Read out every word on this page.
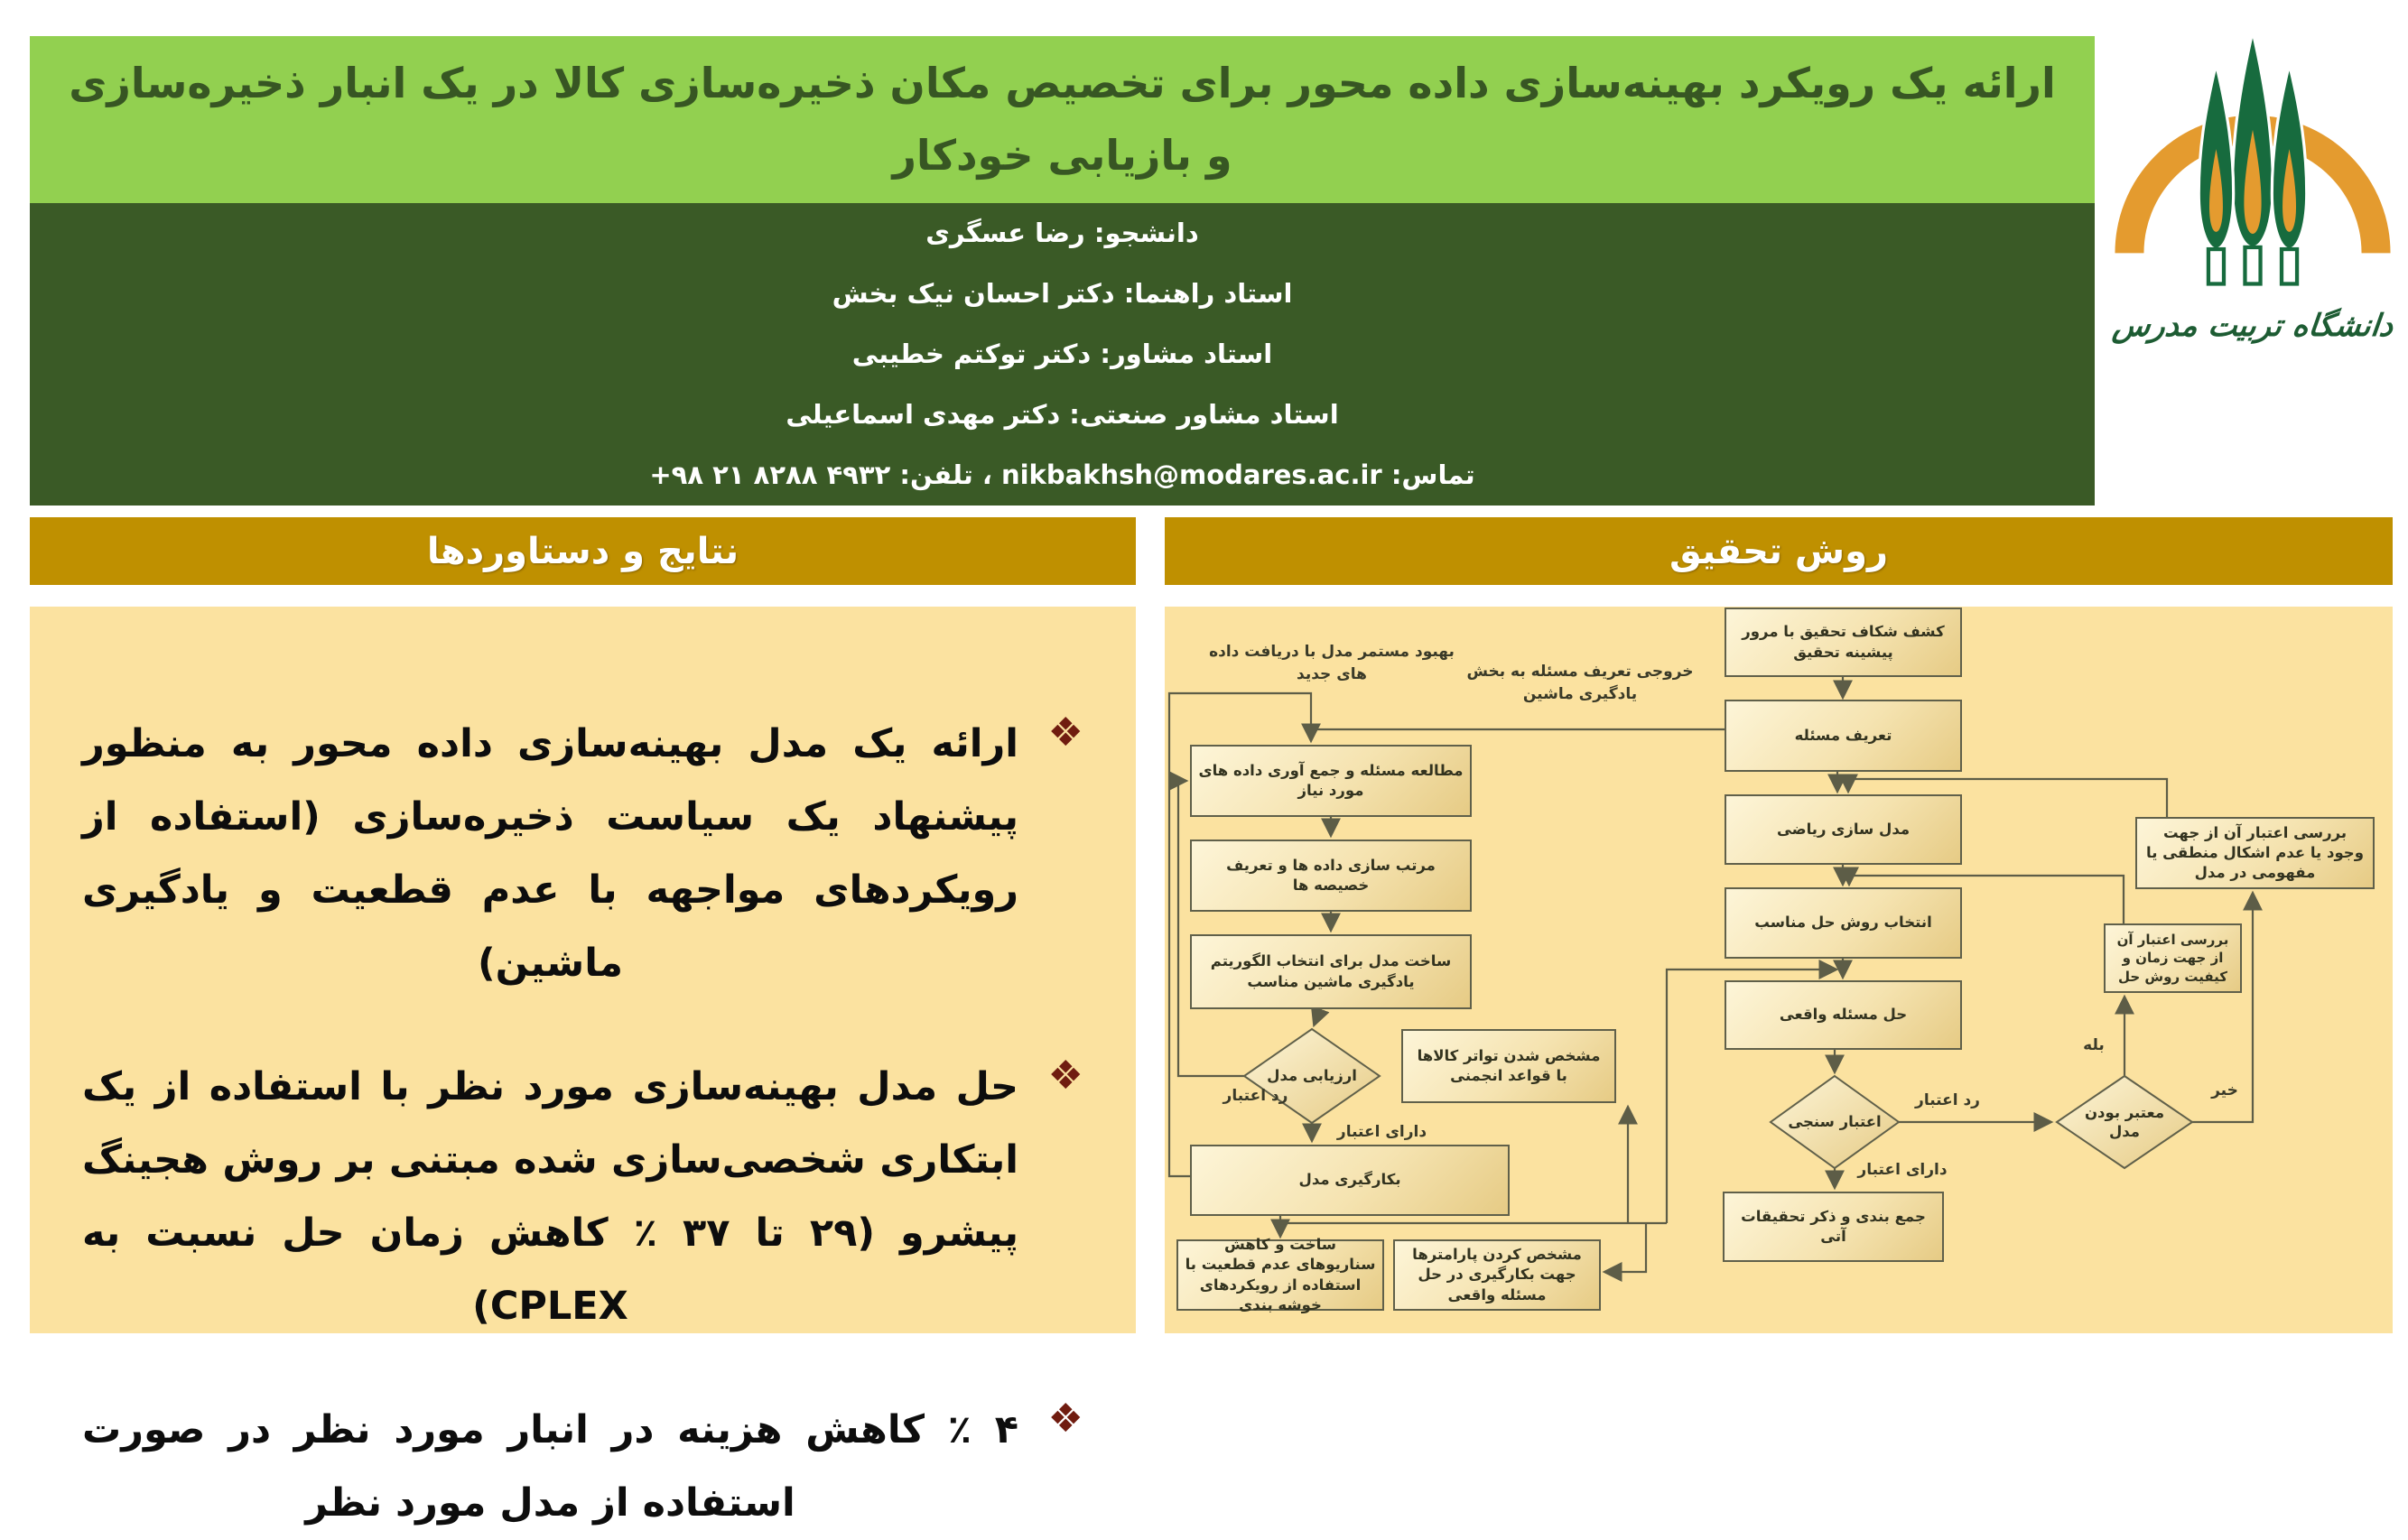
ارائه یک رویکرد بهینه‌سازی داده محور برای تخصیص مکان ذخیره‌سازی کالا در یک انبار ذخیره‌سازی و بازیابی خودکار
دانشگاه تربیت مدرس
دانشجو: رضا عسگری
استاد راهنما: دکتر احسان نیک بخش
استاد مشاور: دکتر توکتم خطیبی
استاد مشاور صنعتی: دکتر مهدی اسماعیلی
تماس: nikbakhsh@modares.ac.ir ، تلفن: +۹۸ ۲۱ ۸۲۸۸ ۴۹۳۲
نتایج و دستاوردها	روش تحقیق
❖
ارائه یک مدل بهینه‌سازی داده محور به منظور پیشنهاد یک سیاست ذخیره‌سازی (استفاده از رویکردهای مواجهه با عدم قطعیت و یادگیری ماشین)
❖
حل مدل بهینه‌سازی مورد نظر با استفاده از یک ابتکاری شخصی‌سازی شده مبتنی بر روش هجینگ پیشرو (۲۹ تا ۳۷ ٪ کاهش زمان حل نسبت به CPLEX)
❖
۴ ٪ کاهش هزینه در انبار مورد نظر در صورت استفاده از مدل مورد نظر
کشف شکاف تحقیق با مرور پیشینه تحقیق
تعریف مسئله
مدل سازی ریاضی
انتخاب روش حل مناسب
حل مسئله واقعی
جمع بندی و ذکر تحقیقات آتی
بررسی اعتبار آن از جهت زمان و کیفیت روش حل
بررسی اعتبار آن از جهت وجود یا عدم اشکال منطقی یا مفهومی در مدل
مطالعه مسئله و جمع آوری داده های مورد نیاز
مرتب سازی داده ها و تعریف خصیصه ها
ساخت مدل برای انتخاب الگوریتم یادگیری ماشین مناسب
بکارگیری مدل
ساخت و کاهش سناریوهای عدم قطعیت با استفاده از رویکردهای خوشه بندی
مشخص کردن پارامترها جهت بکارگیری در حل مسئله واقعی
مشخص شدن تواتر کالاها با قواعد انجمنی
ارزیابی مدل
اعتبار سنجی
معتبر بودن مدل
بهبود مستمر مدل با دریافت داده های جدید	خروجی تعریف مسئله به بخش یادگیری ماشین
رد اعتبار
دارای اعتبار
رد اعتبار
دارای اعتبار
بله
خیر
